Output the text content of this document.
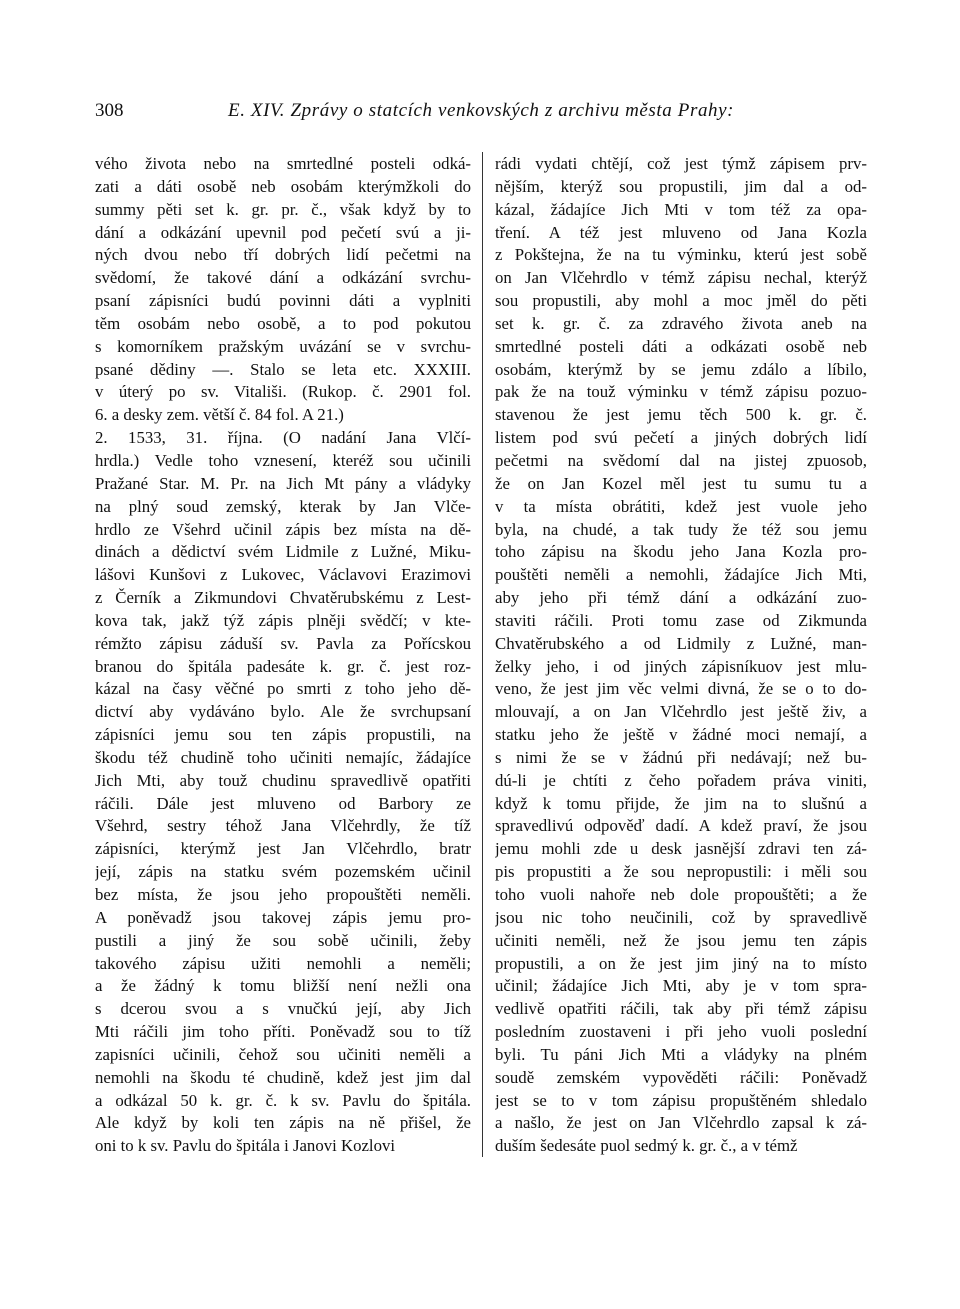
308	E. XIV. Zprávy o statcích venkovských z archivu města Prahy:
vého života nebo na smrtedlné posteli odká-
zati a dáti osobě neb osobám kterýmžkoli do
summy pěti set k. gr. pr. č., však když by to
dání a odkázání upevnil pod pečetí svú a ji-
ných dvou nebo tří dobrých lidí pečetmi na
svědomí, že takové dání a odkázání svrchu-
psaní zápisníci budú povinni dáti a vyplniti
těm osobám nebo osobě, a to pod pokutou
s komorníkem pražským uvázání se v svrchu-
psané dědiny —. Stalo se leta etc. XXXIII.
v úterý po sv. Vitališi. (Rukop. č. 2901 fol.
6. a desky zem. větší č. 84 fol. A 21.)
2. 1533, 31. října. (O nadání Jana Vlčí-
hrdla.) Vedle toho vznesení, kteréž sou učinili
Pražané Star. M. Pr. na Jich Mt pány a vládyky
na plný soud zemský, kterak by Jan Vlče-
hrdlo ze Všehrd učinil zápis bez místa na dě-
dinách a dědictví svém Lidmile z Lužné, Miku-
lášovi Kunšovi z Lukovec, Václavovi Erazimovi
z Černík a Zikmundovi Chvatěrubskému z Lest-
kova tak, jakž týž zápis plněji svědčí; v kte-
rémžto zápisu záduší sv. Pavla za Pořícskou
branou do špitála padesáte k. gr. č. jest roz-
kázal na časy věčné po smrti z toho jeho dě-
dictví aby vydáváno bylo. Ale že svrchupsaní
zápisníci jemu sou ten zápis propustili, na
škodu též chudině toho učiniti nemajíc, žádajíce
Jich Mti, aby touž chudinu spravedlivě opatřiti
ráčili. Dále jest mluveno od Barbory ze
Všehrd, sestry téhož Jana Vlčehrdly, že tíž
zápisníci, kterýmž jest Jan Vlčehrdlo, bratr
její, zápis na statku svém pozemském učinil
bez místa, že jsou jeho propouštěti neměli.
A poněvadž jsou takovej zápis jemu pro-
pustili a jiný že sou sobě učinili, žeby
takového zápisu užiti nemohli a neměli;
a že žádný k tomu bližší není nežli ona
s dcerou svou a s vnučkú její, aby Jich
Mti ráčili jim toho příti. Poněvadž sou to tíž
zapisníci učinili, čehož sou učiniti neměli a
nemohli na škodu té chudině, kdež jest jim dal
a odkázal 50 k. gr. č. k sv. Pavlu do špitála.
Ale když by koli ten zápis na ně přišel, že
oni to k sv. Pavlu do špitála i Janovi Kozlovi
rádi vydati chtějí, což jest týmž zápisem prv-
nějším, kterýž sou propustili, jim dal a od-
kázal, žádajíce Jich Mti v tom též za opa-
tření. A též jest mluveno od Jana Kozla
z Pokštejna, že na tu výminku, kterú jest sobě
on Jan Vlčehrdlo v témž zápisu nechal, kterýž
sou propustili, aby mohl a moc jměl do pěti
set k. gr. č. za zdravého života aneb na
smrtedlné posteli dáti a odkázati osobě neb
osobám, kterýmž by se jemu zdálo a líbilo,
pak že na touž výminku v témž zápisu pozuo-
stavenou že jest jemu těch 500 k. gr. č.
listem pod svú pečetí a jiných dobrých lidí
pečetmi na svědomí dal na jistej zpuosob,
že on Jan Kozel měl jest tu sumu tu a
v ta místa obrátiti, kdež jest vuole jeho
byla, na chudé, a tak tudy že též sou jemu
toho zápisu na škodu jeho Jana Kozla pro-
pouštěti neměli a nemohli, žádajíce Jich Mti,
aby jeho při témž dání a odkázání zuo-
staviti ráčili. Proti tomu zase od Zikmunda
Chvatěrubského a od Lidmily z Lužné, man-
želky jeho, i od jiných zápisníkuov jest mlu-
veno, že jest jim věc velmi divná, že se o to do-
mlouvají, a on Jan Vlčehrdlo jest ještě živ, a
statku jeho že ještě v žádné moci nemají, a
s nimi že se v žádnú při nedávají; než bu-
dú-li je chtíti z čeho pořadem práva viniti,
když k tomu přijde, že jim na to slušnú a
spravedlivú odpověď dadí. A kdež praví, že jsou
jemu mohli zde u desk jasnější zdravi ten zá-
pis propustiti a že sou nepropustili: i měli sou
toho vuoli nahoře neb dole propouštěti; a že
jsou nic toho neučinili, což by spravedlivě
učiniti neměli, než že jsou jemu ten zápis
propustili, a on že jest jim jiný na to místo
učinil; žádajíce Jich Mti, aby je v tom spra-
vedlivě opatřiti ráčili, tak aby při témž zápisu
posledním zuostaveni i při jeho vuoli poslední
byli. Tu páni Jich Mti a vládyky na plném
soudě zemském vypověděti ráčili: Poněvadž
jest se to v tom zápisu propuštěném shledalo
a našlo, že jest on Jan Vlčehrdlo zapsal k zá-
duším šedesáte puol sedmý k. gr. č., a v témž
